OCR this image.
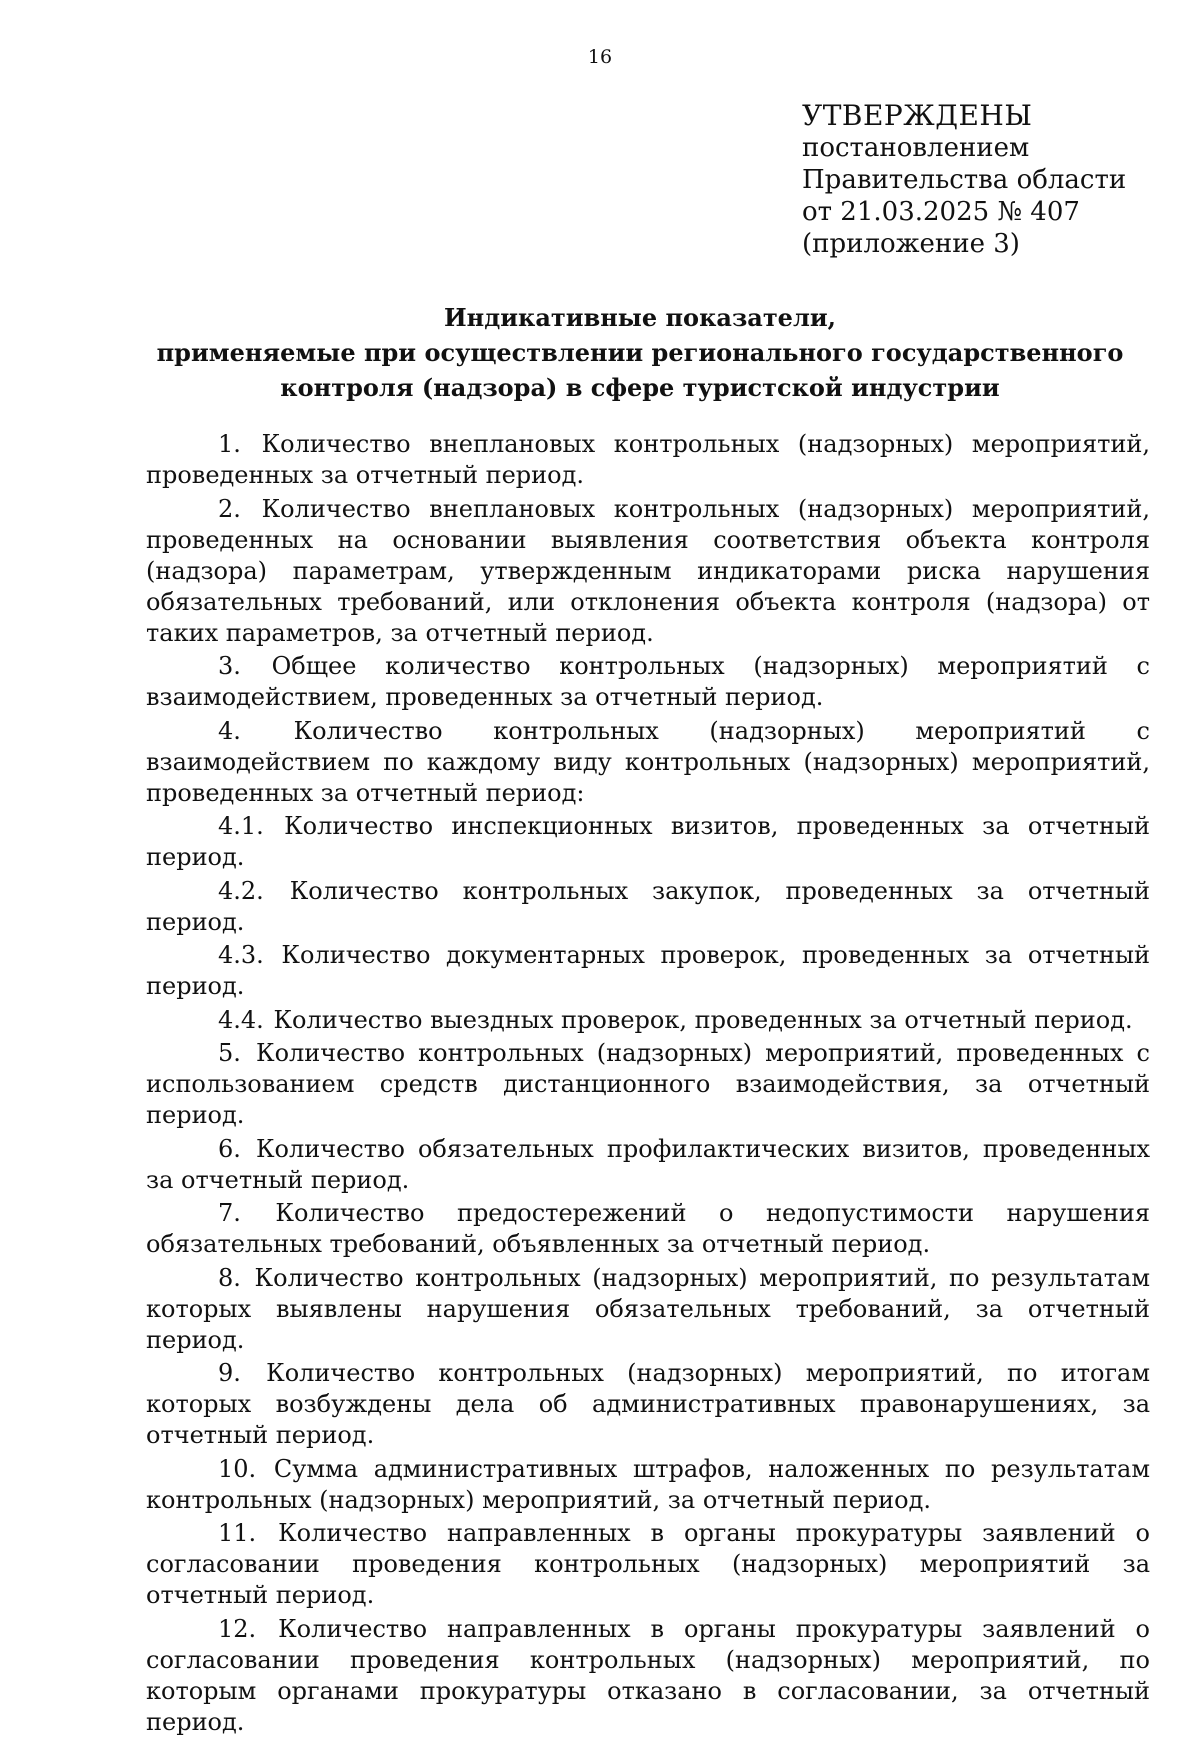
16
УТВЕРЖДЕНЫ
постановлением
Правительства области
от 21.03.2025 № 407
(приложение 3)
Индикативные показатели,
применяемые при осуществлении регионального государственного
контроля (надзора) в сфере туристской индустрии

1. Количество внеплановых контрольных (надзорных) мероприятий, проведенных за отчетный период.

2. Количество внеплановых контрольных (надзорных) мероприятий, проведенных на основании выявления соответствия объекта контроля (надзора) параметрам, утвержденным индикаторами риска нарушения обязательных требований, или отклонения объекта контроля (надзора) от таких параметров, за отчетный период.

3. Общее количество контрольных (надзорных) мероприятий с взаимодействием, проведенных за отчетный период.

4. Количество контрольных (надзорных) мероприятий с взаимодействием по каждому виду контрольных (надзорных) мероприятий, проведенных за отчетный период:

4.1. Количество инспекционных визитов, проведенных за отчетный период.

4.2. Количество контрольных закупок, проведенных за отчетный период.

4.3. Количество документарных проверок, проведенных за отчетный период.

4.4. Количество выездных проверок, проведенных за отчетный период.

5. Количество контрольных (надзорных) мероприятий, проведенных с использованием средств дистанционного взаимодействия, за отчетный период.

6. Количество обязательных профилактических визитов, проведенных за отчетный период.

7. Количество предостережений о недопустимости нарушения обязательных требований, объявленных за отчетный период.

8. Количество контрольных (надзорных) мероприятий, по результатам которых выявлены нарушения обязательных требований, за отчетный период.

9. Количество контрольных (надзорных) мероприятий, по итогам которых возбуждены дела об административных правонарушениях, за отчетный период.

10. Сумма административных штрафов, наложенных по результатам контрольных (надзорных) мероприятий, за отчетный период.

11. Количество направленных в органы прокуратуры заявлений о согласовании проведения контрольных (надзорных) мероприятий за отчетный период.

12. Количество направленных в органы прокуратуры заявлений о согласовании проведения контрольных (надзорных) мероприятий, по которым органами прокуратуры отказано в согласовании, за отчетный период.
